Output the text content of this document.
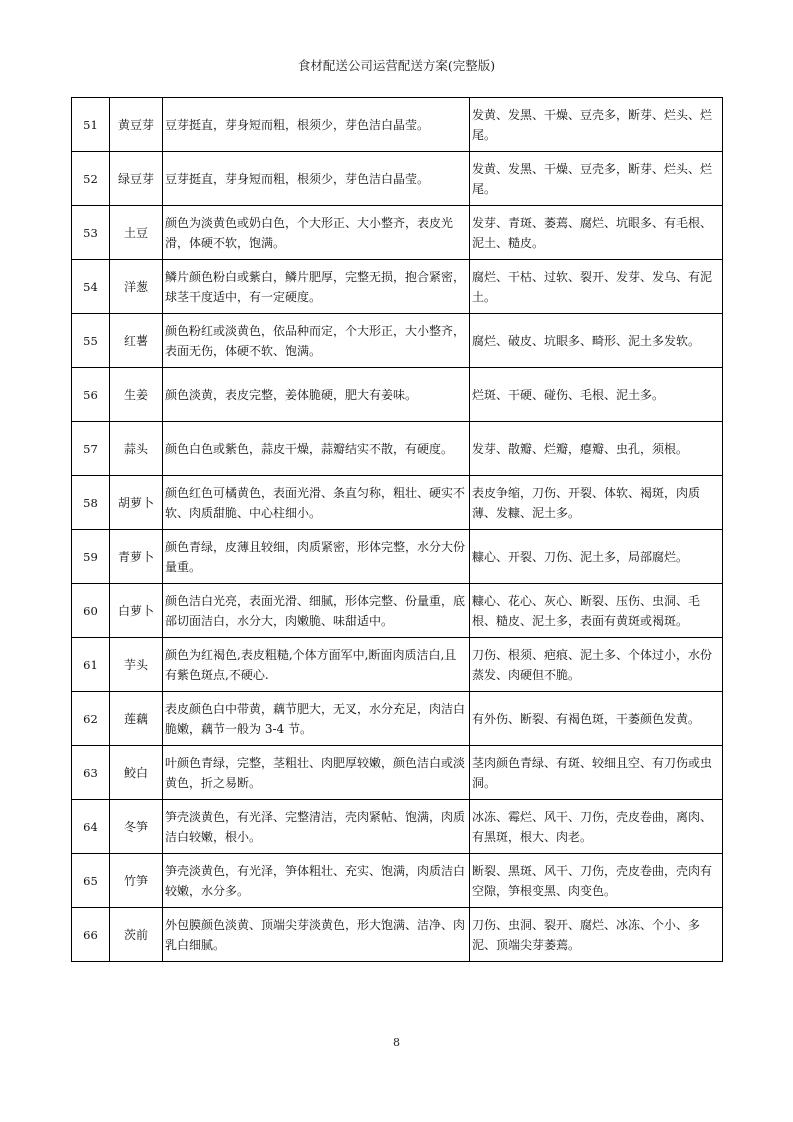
食材配送公司运营配送方案(完整版)
51	黄豆芽	豆芽挺直，芽身短而粗，根须少，芽色洁白晶莹。	发黄、发黑、干燥、豆壳多，断芽、烂头、烂尾。
52	绿豆芽	豆芽挺直，芽身短而粗，根须少，芽色洁白晶莹。	发黄、发黑、干燥、豆壳多，断芽、烂头、烂尾。
53	土豆	颜色为淡黄色或奶白色，个大形正、大小整齐，表皮光滑，体硬不软，饱满。	发芽、青斑、萎蔫、腐烂、坑眼多、有毛根、泥土、糙皮。
54	洋葱	鳞片颜色粉白或紫白，鳞片肥厚，完整无损，抱合紧密，球茎干度适中，有一定硬度。	腐烂、干枯、过软、裂开、发芽、发乌、有泥土。
55	红薯	颜色粉红或淡黄色，依品种而定，个大形正，大小整齐，表面无伤，体硬不软、饱满。	腐烂、破皮、坑眼多、畸形、泥土多发软。
56	生姜	颜色淡黄，表皮完整，姜体脆硬，肥大有姜味。	烂斑、干硬、碰伤、毛根、泥土多。
57	蒜头	颜色白色或紫色，蒜皮干燥，蒜瓣结实不散，有硬度。	发芽、散瓣、烂瓣，瘪瓣、虫孔，须根。
58	胡萝卜	颜色红色可橘黄色，表面光滑、条直匀称，粗壮、硬实不软、肉质甜脆、中心柱细小。	表皮争缩，刀伤、开裂、体软、褐斑，肉质薄、发糠、泥土多。
59	青萝卜	颜色青绿，皮薄且较细，肉质紧密，形体完整，水分大份量重。	糠心、开裂、刀伤、泥土多，局部腐烂。
60	白萝卜	颜色洁白光亮，表面光滑、细腻，形体完整、份量重，底部切面洁白，水分大，肉嫩脆、味甜适中。	糠心、花心、灰心、断裂、压伤、虫洞、毛根、糙皮、泥土多，表面有黄斑或褐斑。
61	芋头	颜色为红褐色,表皮粗糙,个体方面军中,断面肉质洁白,且有紫色斑点,不硬心.	刀伤、根须、疤痕、泥土多、个体过小，水份蒸发、肉硬但不脆。
62	莲藕	表皮颜色白中带黄，藕节肥大，无叉，水分充足，肉洁白脆嫩，藕节一般为 3-4 节。	有外伤、断裂、有褐色斑，干萎颜色发黄。
63	鲛白	叶颜色青绿，完整，茎粗壮、肉肥厚较嫩，颜色洁白或淡黄色，折之易断。	茎肉颜色青绿、有斑、较细且空、有刀伤或虫洞。
64	冬笋	笋壳淡黄色，有光泽、完整清洁，壳肉紧帖、饱满，肉质洁白较嫩，根小。	冰冻、霉烂、风干、刀伤，壳皮卷曲，离肉、有黑斑，根大、肉老。
65	竹笋	笋壳淡黄色，有光泽，笋体粗壮、充实、饱满，肉质洁白较嫩，水分多。	断裂、黑斑、风干、刀伤，壳皮卷曲，壳肉有空隙，笋根变黑、肉变色。
66	茨前	外包膜颜色淡黄、顶端尖芽淡黄色，形大饱满、洁净、肉乳白细腻。	刀伤、虫洞、裂开、腐烂、冰冻、个小、多泥、顶端尖芽萎蔫。
8
